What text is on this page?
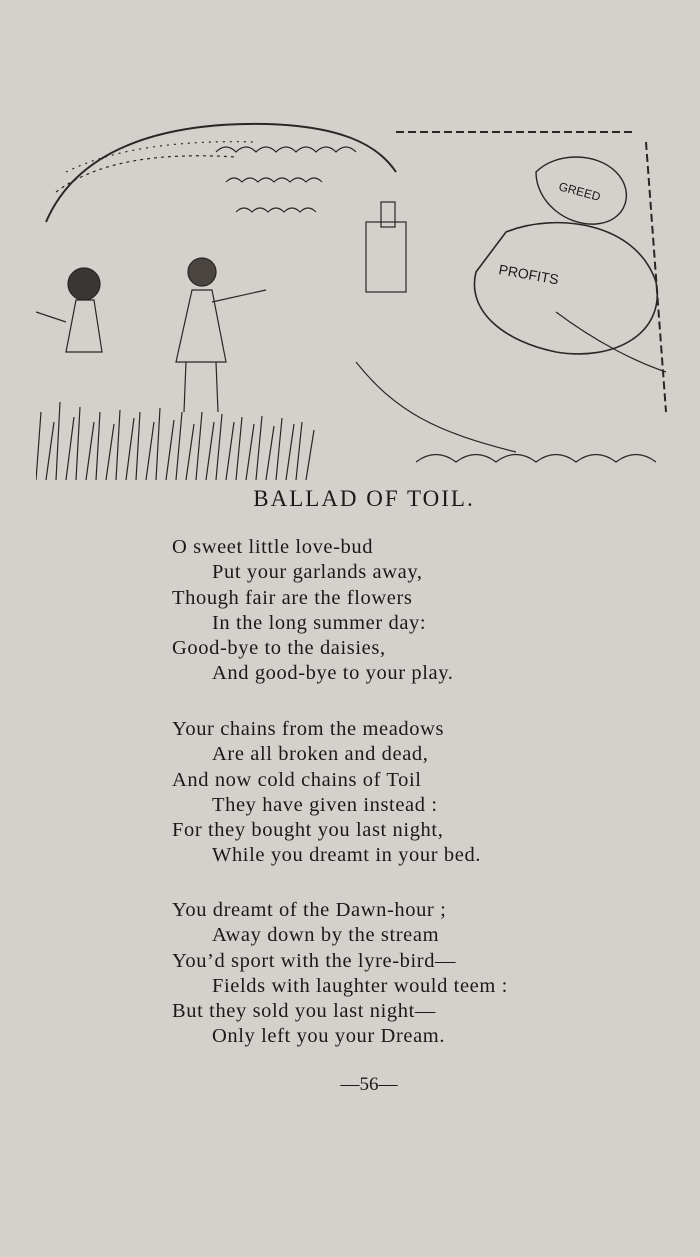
GREED
PROFITS
BALLAD OF TOIL.
O sweet little love-bud
Put your garlands away,
Though fair are the flowers
In the long summer day:
Good-bye to the daisies,
And good-bye to your play.
Your chains from the meadows
Are all broken and dead,
And now cold chains of Toil
They have given instead :
For they bought you last night,
While you dreamt in your bed.
You dreamt of the Dawn-hour ;
Away down by the stream
You’d sport with the lyre-bird—
Fields with laughter would teem :
But they sold you last night—
Only left you your Dream.
—56—
